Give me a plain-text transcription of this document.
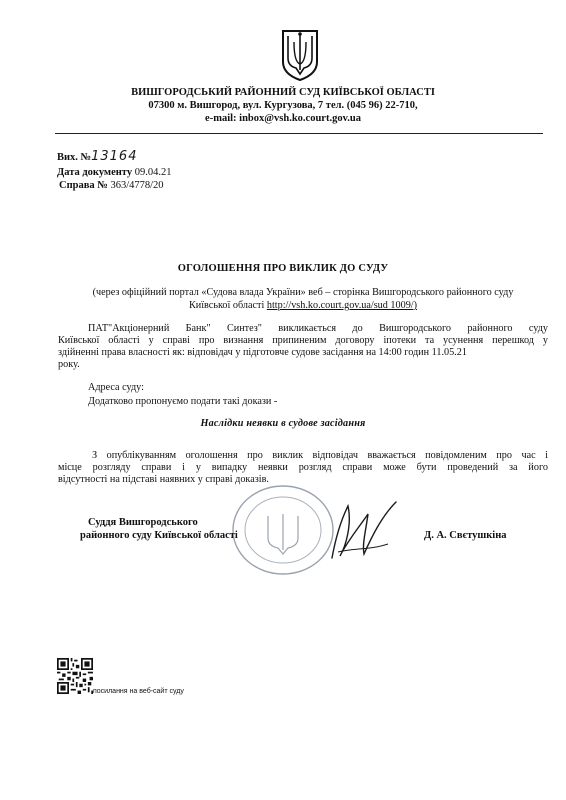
ВИШГОРОДСЬКИЙ РАЙОННИЙ СУД КИЇВСЬКОЇ ОБЛАСТІ
07300 м. Вишгород, вул. Кургузова, 7 тел. (045 96) 22-710,
e-mail: inbox@vsh.ko.court.gov.ua
Вих. №13164
Дата документу 09.04.21
Справа № 363/4778/20
ОГОЛОШЕННЯ ПРО ВИКЛИК ДО СУДУ
(через офіційний портал «Судова влада України» веб – сторінка Вишгородського районного суду
Київської області http://vsh.ko.court.gov.ua/sud 1009/)
ПАТ"Акціонерний Банк" Синтез" викликається до Вишгородського районного суду
Київської області у справі про визнання припиненим договору іпотеки та усунення перешкод у
здійненні права власності як: відповідач у підготовче судове засідання на 14:00 годин 11.05.21
року.
Адреса суду:
Додатково пропонуємо подати такі докази -
Наслідки неявки в судове засідання
З опублікуванням оголошення про виклик відповідач вважається повідомленим про час і
місце розгляду справи і у випадку неявки розгляд справи може бути проведений за його
відсутності на підставі наявних у справі доказів.
Суддя Вишгородського
районного суду Київської області	Д. А. Свєтушкіна
посилання на веб-сайт суду
